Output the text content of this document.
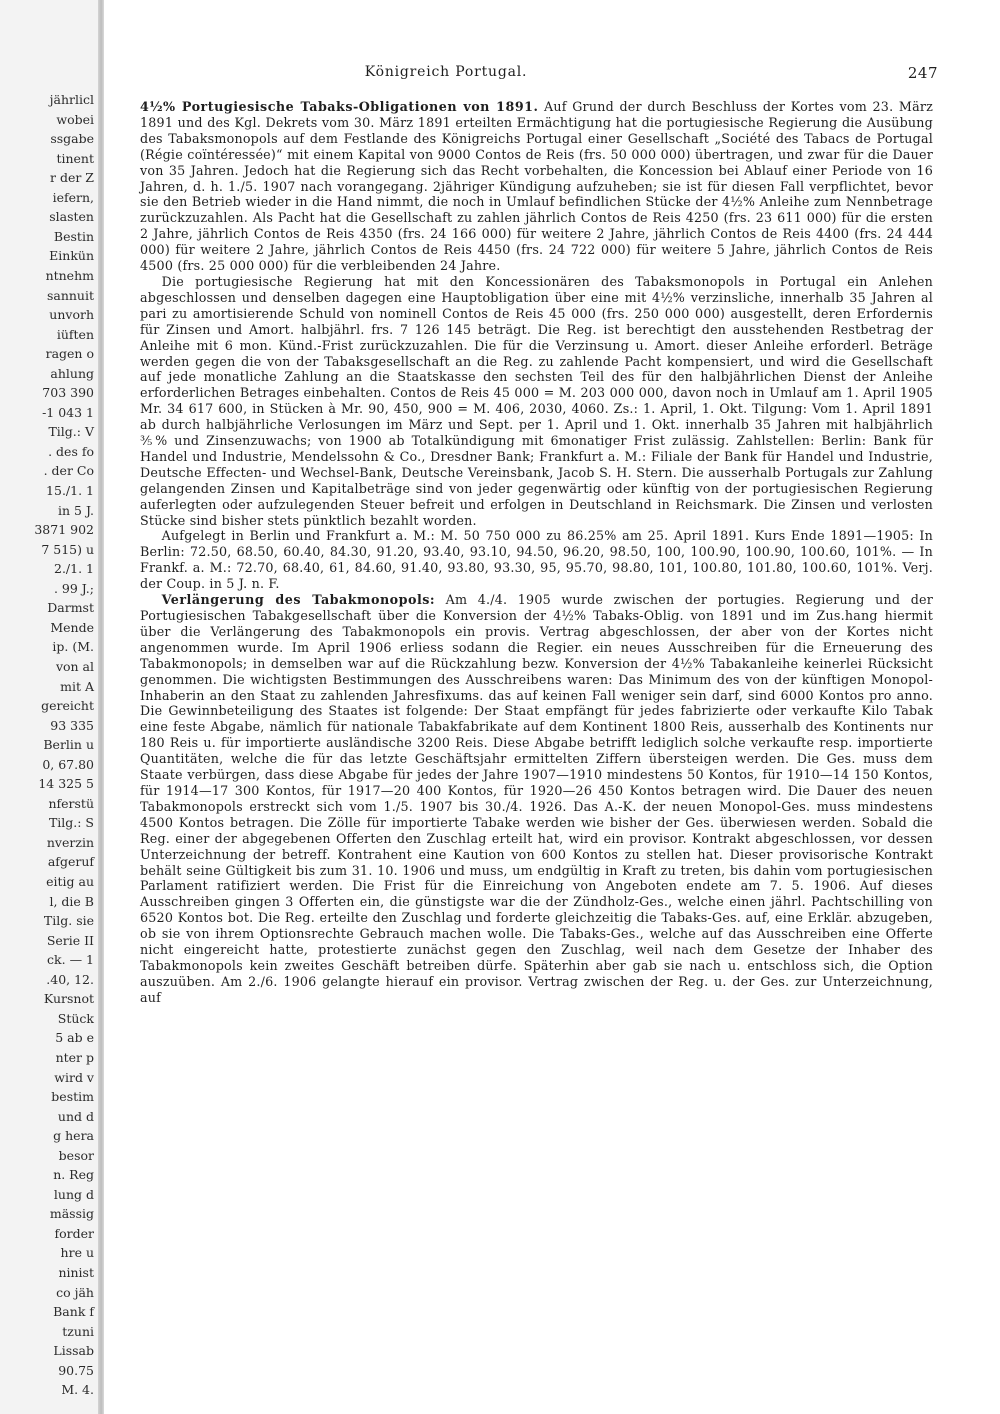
jährlicl
wobei
ssgabe
tinent
r der Z
iefern,
slasten
Bestin
Einkün
ntnehm
sannuit
unvorh
iüften
ragen o
ahlung
703 390
-1 043 1
Tilg.: V
. des fo
. der Co
15./1. 1
in 5 J.
3871 902
7 515) u
2./1. 1
. 99 J.;
Darmst
Mende
ip. (M.
von al
mit A
gereicht
93 335
Berlin u
0, 67.80
14 325 5
nferstü
Tilg.: S
nverzin
afgeruf
eitig au
l, die B
Tilg. sie
Serie II
ck. — 1
.40, 12.
Kursnot
Stück
5 ab e
nter p
wird v
bestim
und d
g hera
besor
n. Reg
lung d
mässig
forder
hre u
ninist
co jäh
Bank f
tzuni
Lissab
90.75
M. 4.
Königreich Portugal.	247

4½% Portugiesische Tabaks-Obligationen von 1891. Auf Grund der durch Beschluss der Kortes vom 23. März 1891 und des Kgl. Dekrets vom 30. März 1891 erteilten Ermächtigung hat die portugiesische Regierung die Ausübung des Tabaksmonopols auf dem Festlande des Königreichs Portugal einer Gesellschaft „Société des Tabacs de Portugal (Régie coïntéressée)“ mit einem Kapital von 9000 Contos de Reis (frs. 50 000 000) übertragen, und zwar für die Dauer von 35 Jahren. Jedoch hat die Regierung sich das Recht vorbehalten, die Koncession bei Ablauf einer Periode von 16 Jahren, d. h. 1./5. 1907 nach vorangegang. 2jähriger Kündigung aufzuheben; sie ist für diesen Fall verpflichtet, bevor sie den Betrieb wieder in die Hand nimmt, die noch in Umlauf befindlichen Stücke der 4½% Anleihe zum Nennbetrage zurückzuzahlen. Als Pacht hat die Gesellschaft zu zahlen jährlich Contos de Reis 4250 (frs. 23 611 000) für die ersten 2 Jahre, jährlich Contos de Reis 4350 (frs. 24 166 000) für weitere 2 Jahre, jährlich Contos de Reis 4400 (frs. 24 444 000) für weitere 2 Jahre, jährlich Contos de Reis 4450 (frs. 24 722 000) für weitere 5 Jahre, jährlich Contos de Reis 4500 (frs. 25 000 000) für die verbleibenden 24 Jahre.

Die portugiesische Regierung hat mit den Koncessionären des Tabaksmonopols in Portugal ein Anlehen abgeschlossen und denselben dagegen eine Hauptobligation über eine mit 4½% verzinsliche, innerhalb 35 Jahren al pari zu amortisierende Schuld von nominell Contos de Reis 45 000 (frs. 250 000 000) ausgestellt, deren Erfordernis für Zinsen und Amort. halbjährl. frs. 7 126 145 beträgt. Die Reg. ist berechtigt den ausstehenden Restbetrag der Anleihe mit 6 mon. Künd.-Frist zurückzuzahlen. Die für die Verzinsung u. Amort. dieser Anleihe erforderl. Beträge werden gegen die von der Tabaksgesellschaft an die Reg. zu zahlende Pacht kompensiert, und wird die Gesellschaft auf jede monatliche Zahlung an die Staatskasse den sechsten Teil des für den halbjährlichen Dienst der Anleihe erforderlichen Betrages einbehalten. Contos de Reis 45 000 = M. 203 000 000, davon noch in Umlauf am 1. April 1905 Mr. 34 617 600, in Stücken à Mr. 90, 450, 900 = M. 406, 2030, 4060. Zs.: 1. April, 1. Okt. Tilgung: Vom 1. April 1891 ab durch halbjährliche Verlosungen im März und Sept. per 1. April und 1. Okt. innerhalb 35 Jahren mit halbjährlich ⅗% und Zinsenzuwachs; von 1900 ab Totalkündigung mit 6monatiger Frist zulässig. Zahlstellen: Berlin: Bank für Handel und Industrie, Mendelssohn & Co., Dresdner Bank; Frankfurt a. M.: Filiale der Bank für Handel und Industrie, Deutsche Effecten- und Wechsel-Bank, Deutsche Vereinsbank, Jacob S. H. Stern. Die ausserhalb Portugals zur Zahlung gelangenden Zinsen und Kapitalbeträge sind von jeder gegenwärtig oder künftig von der portugiesischen Regierung auferlegten oder aufzulegenden Steuer befreit und erfolgen in Deutschland in Reichsmark. Die Zinsen und verlosten Stücke sind bisher stets pünktlich bezahlt worden.

Aufgelegt in Berlin und Frankfurt a. M.: M. 50 750 000 zu 86.25% am 25. April 1891. Kurs Ende 1891—1905: In Berlin: 72.50, 68.50, 60.40, 84.30, 91.20, 93.40, 93.10, 94.50, 96.20, 98.50, 100, 100.90, 100.90, 100.60, 101%. — In Frankf. a. M.: 72.70, 68.40, 61, 84.60, 91.40, 93.80, 93.30, 95, 95.70, 98.80, 101, 100.80, 101.80, 100.60, 101%. Verj. der Coup. in 5 J. n. F.

Verlängerung des Tabakmonopols: Am 4./4. 1905 wurde zwischen der portugies. Regierung und der Portugiesischen Tabakgesellschaft über die Konversion der 4½% Tabaks-Oblig. von 1891 und im Zus.hang hiermit über die Verlängerung des Tabakmonopols ein provis. Vertrag abgeschlossen, der aber von der Kortes nicht angenommen wurde. Im April 1906 erliess sodann die Regier. ein neues Ausschreiben für die Erneuerung des Tabakmonopols; in demselben war auf die Rückzahlung bezw. Konversion der 4½% Tabakanleihe keinerlei Rücksicht genommen. Die wichtigsten Bestimmungen des Ausschreibens waren: Das Minimum des von der künftigen Monopol-Inhaberin an den Staat zu zahlenden Jahresfixums. das auf keinen Fall weniger sein darf, sind 6000 Kontos pro anno. Die Gewinnbeteiligung des Staates ist folgende: Der Staat empfängt für jedes fabrizierte oder verkaufte Kilo Tabak eine feste Abgabe, nämlich für nationale Tabakfabrikate auf dem Kontinent 1800 Reis, ausserhalb des Kontinents nur 180 Reis u. für importierte ausländische 3200 Reis. Diese Abgabe betrifft lediglich solche verkaufte resp. importierte Quantitäten, welche die für das letzte Geschäftsjahr ermittelten Ziffern übersteigen werden. Die Ges. muss dem Staate verbürgen, dass diese Abgabe für jedes der Jahre 1907—1910 mindestens 50 Kontos, für 1910—14 150 Kontos, für 1914—17 300 Kontos, für 1917—20 400 Kontos, für 1920—26 450 Kontos betragen wird. Die Dauer des neuen Tabakmonopols erstreckt sich vom 1./5. 1907 bis 30./4. 1926. Das A.-K. der neuen Monopol-Ges. muss mindestens 4500 Kontos betragen. Die Zölle für importierte Tabake werden wie bisher der Ges. überwiesen werden. Sobald die Reg. einer der abgegebenen Offerten den Zuschlag erteilt hat, wird ein provisor. Kontrakt abgeschlossen, vor dessen Unterzeichnung der betreff. Kontrahent eine Kaution von 600 Kontos zu stellen hat. Dieser provisorische Kontrakt behält seine Gültigkeit bis zum 31. 10. 1906 und muss, um endgültig in Kraft zu treten, bis dahin vom portugiesischen Parlament ratifiziert werden. Die Frist für die Einreichung von Angeboten endete am 7. 5. 1906. Auf dieses Ausschreiben gingen 3 Offerten ein, die günstigste war die der Zündholz-Ges., welche einen jährl. Pachtschilling von 6520 Kontos bot. Die Reg. erteilte den Zuschlag und forderte gleichzeitig die Tabaks-Ges. auf, eine Erklär. abzugeben, ob sie von ihrem Optionsrechte Gebrauch machen wolle. Die Tabaks-Ges., welche auf das Ausschreiben eine Offerte nicht eingereicht hatte, protestierte zunächst gegen den Zuschlag, weil nach dem Gesetze der Inhaber des Tabakmonopols kein zweites Geschäft betreiben dürfe. Späterhin aber gab sie nach u. entschloss sich, die Option auszuüben. Am 2./6. 1906 gelangte hierauf ein provisor. Vertrag zwischen der Reg. u. der Ges. zur Unterzeichnung, auf
